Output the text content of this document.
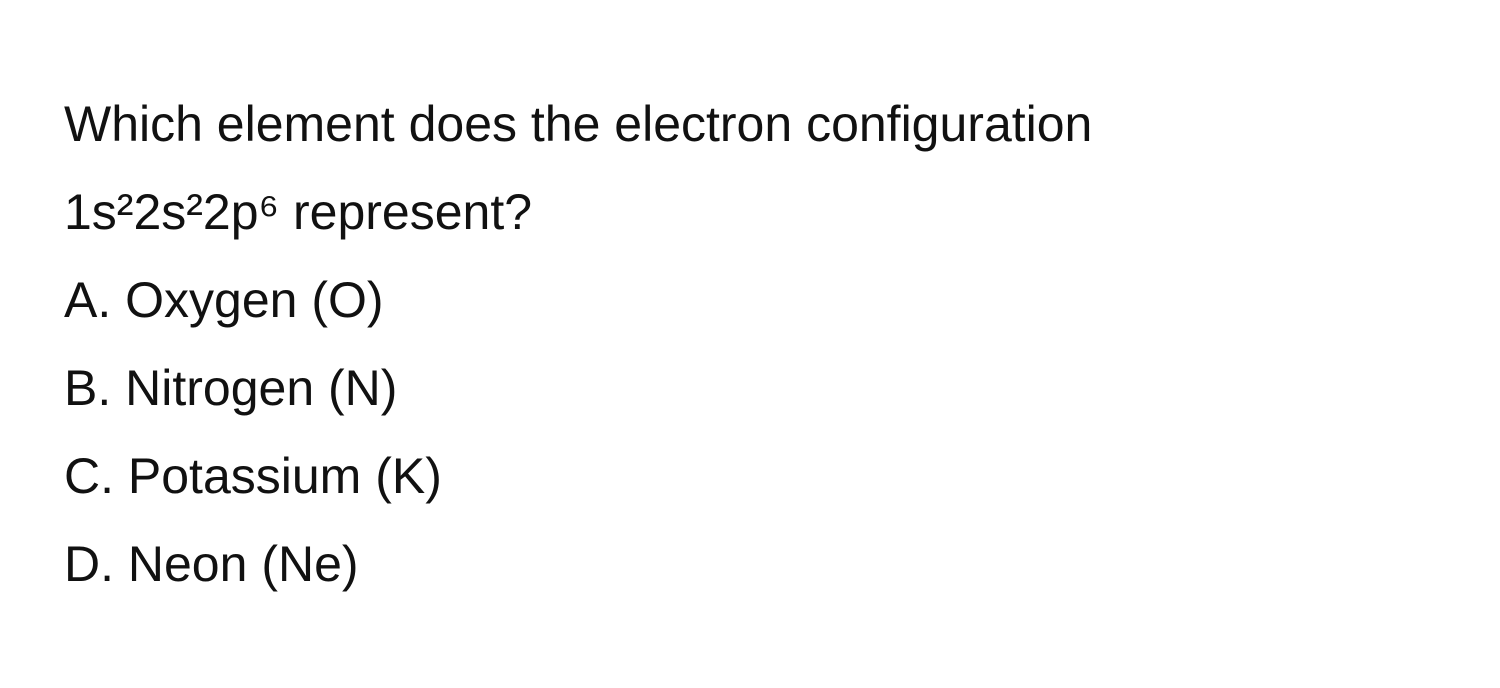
Which element does the electron configuration
1s²2s²2p⁶ represent?
A. Oxygen (O)
B. Nitrogen (N)
C. Potassium (K)
D. Neon (Ne)
